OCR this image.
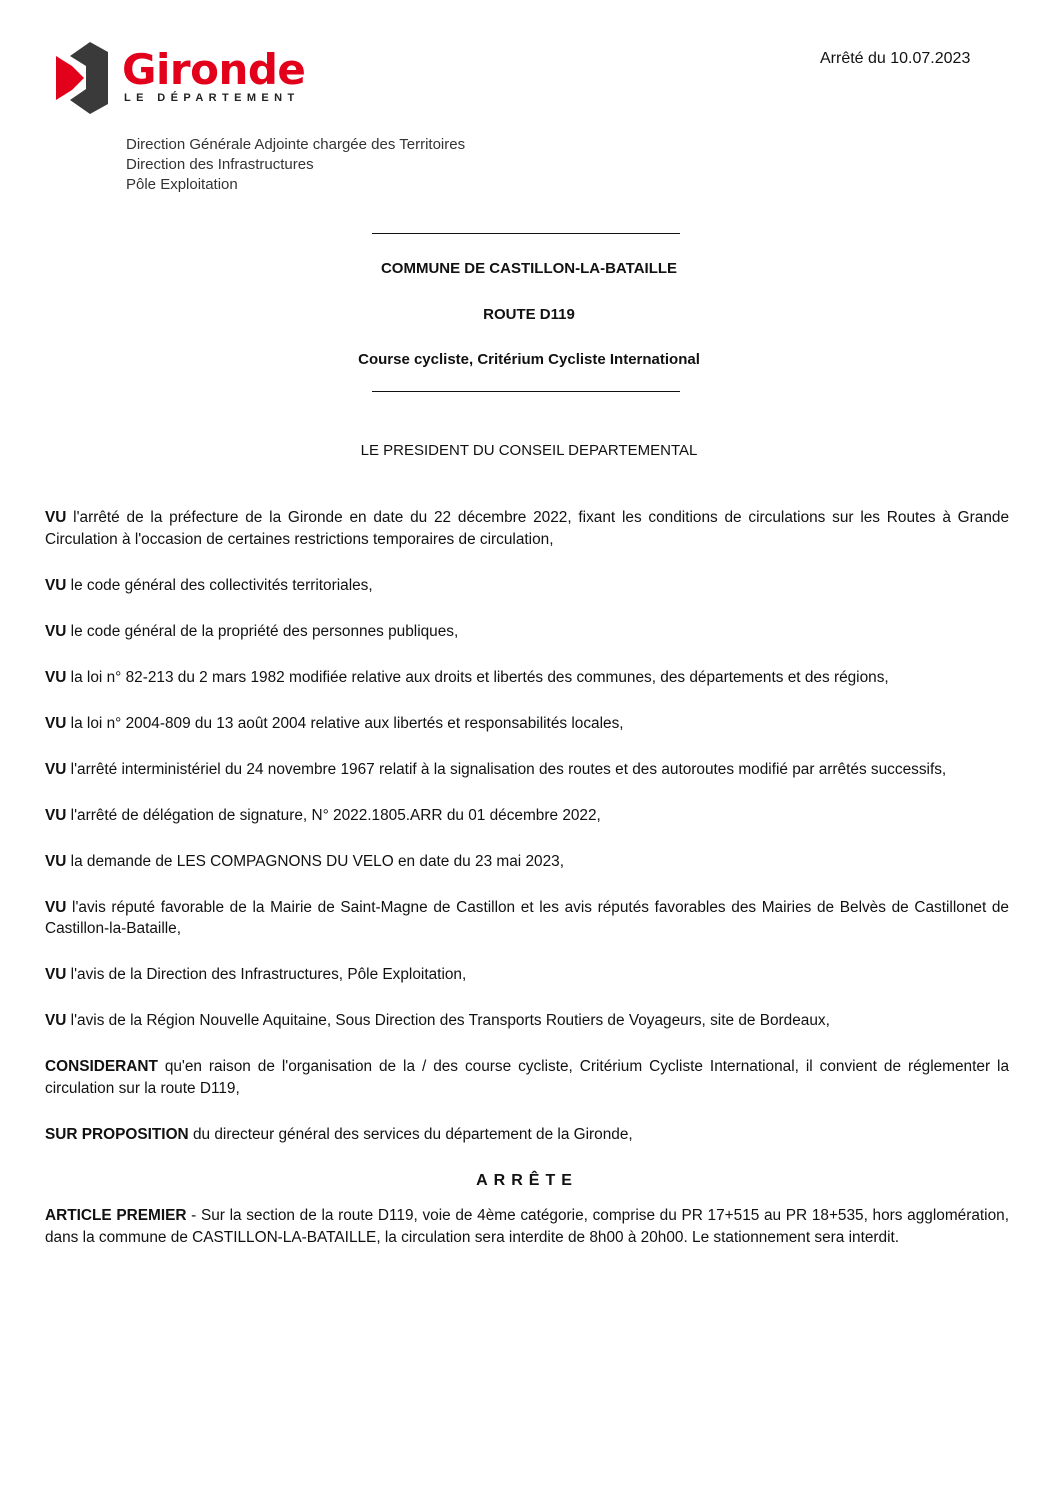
Gironde
LE DÉPARTEMENT
Arrêté du 10.07.2023
Direction Générale Adjointe chargée des Territoires
Direction des Infrastructures
Pôle Exploitation
COMMUNE DE CASTILLON-LA-BATAILLE
ROUTE D119
Course cycliste, Critérium Cycliste International
LE PRESIDENT DU CONSEIL DEPARTEMENTAL

VU l'arrêté de la préfecture de la Gironde en date du 22 décembre 2022, fixant les conditions de circulations sur les Routes à Grande Circulation à l'occasion de certaines restrictions temporaires de circulation,

VU le code général des collectivités territoriales,

VU le code général de la propriété des personnes publiques,

VU la loi n° 82-213 du 2 mars 1982 modifiée relative aux droits et libertés des communes, des départements et des régions,

VU la loi n° 2004-809 du 13 août 2004 relative aux libertés et responsabilités locales,

VU l'arrêté interministériel du 24 novembre 1967 relatif à la signalisation des routes et des autoroutes modifié par arrêtés successifs,

VU l'arrêté de délégation de signature, N° 2022.1805.ARR du 01 décembre 2022,

VU la demande de LES COMPAGNONS DU VELO en date du 23 mai 2023,

VU l'avis réputé favorable de la Mairie de Saint-Magne de Castillon et les avis réputés favorables des Mairies de Belvès de Castillonet de Castillon-la-Bataille,

VU l'avis de la Direction des Infrastructures, Pôle Exploitation,

VU l'avis de la Région Nouvelle Aquitaine, Sous Direction des Transports Routiers de Voyageurs, site de Bordeaux,

CONSIDERANT qu'en raison de l'organisation de la / des course cycliste, Critérium Cycliste International, il convient de réglementer la circulation sur la route D119,

SUR PROPOSITION du directeur général des services du département de la Gironde,

ARRÊTE

ARTICLE PREMIER - Sur la section de la route D119, voie de 4ème catégorie, comprise du PR 17+515 au PR 18+535, hors agglomération, dans la commune de CASTILLON-LA-BATAILLE, la circulation sera interdite de 8h00 à 20h00. Le stationnement sera interdit.
